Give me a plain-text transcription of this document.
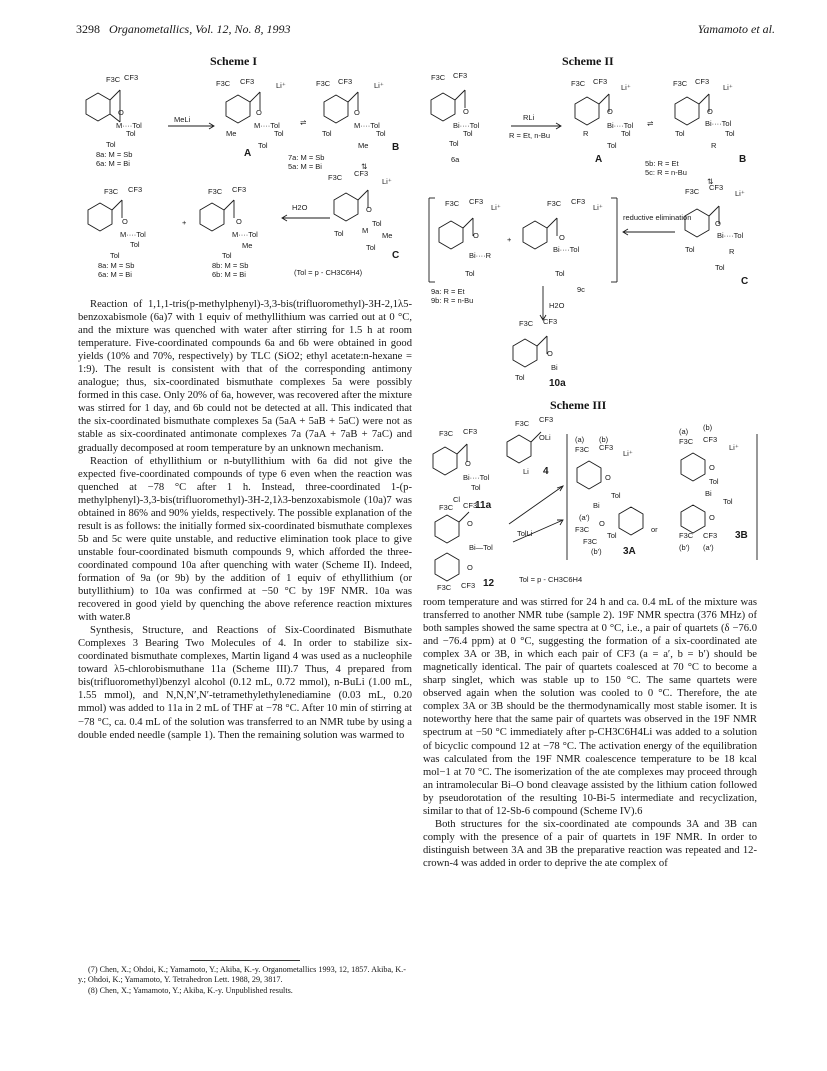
3298 Organometallics, Vol. 12, No. 8, 1993	Yamamoto et al.
Scheme I
F3C CF3
O
M····Tol
Tol
Tol
8a: M = Sb
6a: M = Bi
MeLi
F3C CF3	Li⁺
O
M····Tol
Me	Tol
Tol
A
⇌
F3C CF3	Li⁺
O
M····Tol
Tol	Tol
Me B
7a: M = Sb
5a: M = Bi	⇅
F3C CF3
O
M····Tol
Tol
Tol
8a: M = Sb
6a: M = Bi
+
F3C CF3
O
M····Tol
Me
Tol
8b: M = Sb
6b: M = Bi
H2O
F3C CF3
Li⁺
O
Tol
Tol M
Me
Tol
C
(Tol = p - CH3C6H4)
Scheme II
F3C CF3
O
Bi····Tol
Tol
Tol
6a
RLi
R = Et, n-Bu
F3C CF3
Li⁺
O
Bi····Tol
R	Tol
Tol
A
⇌
F3C CF3
Li⁺
O
Bi····Tol
Tol	Tol
R
B
5b: R = Et
5c: R = n-Bu
⇅
F3C CF3
Li⁺
O
Bi····R
Tol
+
F3C CF3
Li⁺
O
Bi····Tol
Tol
reductive elimination
F3C CF3
Li⁺
O
Bi····Tol
Tol	R
Tol
C
9a: R = Et
9b: R = n-Bu
9c
H2O
F3C CF3
O
Bi
Tol
10a
Scheme III
F3C CF3
O
Bi····Tol
Tol
Cl
11a
F3C CF3
OLi
Li 4
TolLi
F3C CF3
O
Bi—Tol
O
F3C CF3 12	Tol = p - CH3C6H4
(a) (b)
F3C CF3
Li⁺
O
Tol
Bi
(a′)
F3C
O
F3C
Tol
(b′) 3A
or
(a) (b)
F3C CF3
Li⁺
O
Tol
Bi
Tol
O
F3C CF3
(b′) (a′)
3B

Reaction of 1,1,1-tris(p-methylphenyl)-3,3-bis(trifluoromethyl)-3H-2,1λ5-benzoxabismole (6a)7 with 1 equiv of methyllithium was carried out at 0 °C, and the mixture was quenched with water after stirring for 1.5 h at room temperature. Five-coordinated compounds 6a and 6b were obtained in good yields (10% and 70%, respectively) by TLC (SiO2; ethyl acetate:n-hexane = 1:9). The result is consistent with that of the corresponding antimony analogue; thus, six-coordinated bismuthate complexes 5a were possibly formed in this case. Only 20% of 6a, however, was recovered after the mixture was stirred for 1 day, and 6b could not be detected at all. This indicated that the six-coordinated bismuthate complexes 5a (5aA + 5aB + 5aC) were not as stable as six-coordinated antimonate complexes 7a (7aA + 7aB + 7aC) and gradually decomposed at room temperature by an unknown mechanism.

Reaction of ethyllithium or n-butyllithium with 6a did not give the expected five-coordinated compounds of type 6 even when the reaction was quenched at −78 °C after 1 h. Instead, three-coordinated 1-(p-methylphenyl)-3,3-bis(trifluoromethyl)-3H-2,1λ3-benzoxabismole (10a)7 was obtained in 86% and 90% yields, respectively. The possible explanation of the result is as follows: the initially formed six-coordinated bismuthate complexes 5b and 5c were quite unstable, and reductive elimination took place to give unstable four-coordinated bismuth compounds 9, which afforded the three-coordinated compound 10a after quenching with water (Scheme II). Indeed, formation of 9a (or 9b) by the addition of 1 equiv of ethyllithium (or butyllithium) to 10a was confirmed at −50 °C by 19F NMR. 10a was recovered in good yield by quenching the above reference reaction mixtures with water.8

Synthesis, Structure, and Reactions of Six-Coordinated Bismuthate Complexes 3 Bearing Two Molecules of 4. In order to stabilize six-coordinated bismuthate complexes, Martin ligand 4 was used as a nucleophile toward λ5-chlorobismuthane 11a (Scheme III).7 Thus, 4 prepared from bis(trifluoromethyl)benzyl alcohol (0.12 mL, 0.72 mmol), n-BuLi (1.00 mL, 1.55 mmol), and N,N,N′,N′-tetramethylethylenediamine (0.03 mL, 0.20 mmol) was added to 11a in 2 mL of THF at −78 °C. After 10 min of stirring at −78 °C, ca. 0.4 mL of the solution was transferred to an NMR tube by using a double ended needle (sample 1). Then the remaining solution was warmed to

room temperature and was stirred for 24 h and ca. 0.4 mL of the mixture was transferred to another NMR tube (sample 2). 19F NMR spectra (376 MHz) of both samples showed the same spectra at 0 °C, i.e., a pair of quartets (δ −76.0 and −76.4 ppm) at 0 °C, suggesting the formation of a six-coordinated ate complex 3A or 3B, in which each pair of CF3 (a = a′, b = b′) should be magnetically identical. The pair of quartets coalesced at 70 °C to become a sharp singlet, which was stable up to 150 °C. The same quartets were observed again when the solution was cooled to 0 °C. Therefore, the ate complex 3A or 3B should be the thermodynamically most stable isomer. It is noteworthy here that the same pair of quartets was observed in the 19F NMR spectrum at −50 °C immediately after p-CH3C6H4Li was added to a solution of bicyclic compound 12 at −78 °C. The activation energy of the equilibration was calculated from the 19F NMR coalescence temperature to be 18 kcal mol−1 at 70 °C. The isomerization of the ate complexes may proceed through an intramolecular Bi–O bond cleavage assisted by the lithium cation followed by pseudorotation of the resulting 10-Bi-5 intermediate and recyclization, similar to that of 12-Sb-6 compound (Scheme IV).6

Both structures for the six-coordinated ate compounds 3A and 3B can comply with the presence of a pair of quartets in 19F NMR. In order to distinguish between 3A and 3B the preparative reaction was repeated and 12-crown-4 was added in order to deprive the ate complex of

(7) Chen, X.; Ohdoi, K.; Yamamoto, Y.; Akiba, K.-y. Organometallics 1993, 12, 1857. Akiba, K.-y.; Ohdoi, K.; Yamamoto, Y. Tetrahedron Lett. 1988, 29, 3817.

(8) Chen, X.; Yamamoto, Y.; Akiba, K.-y. Unpublished results.
